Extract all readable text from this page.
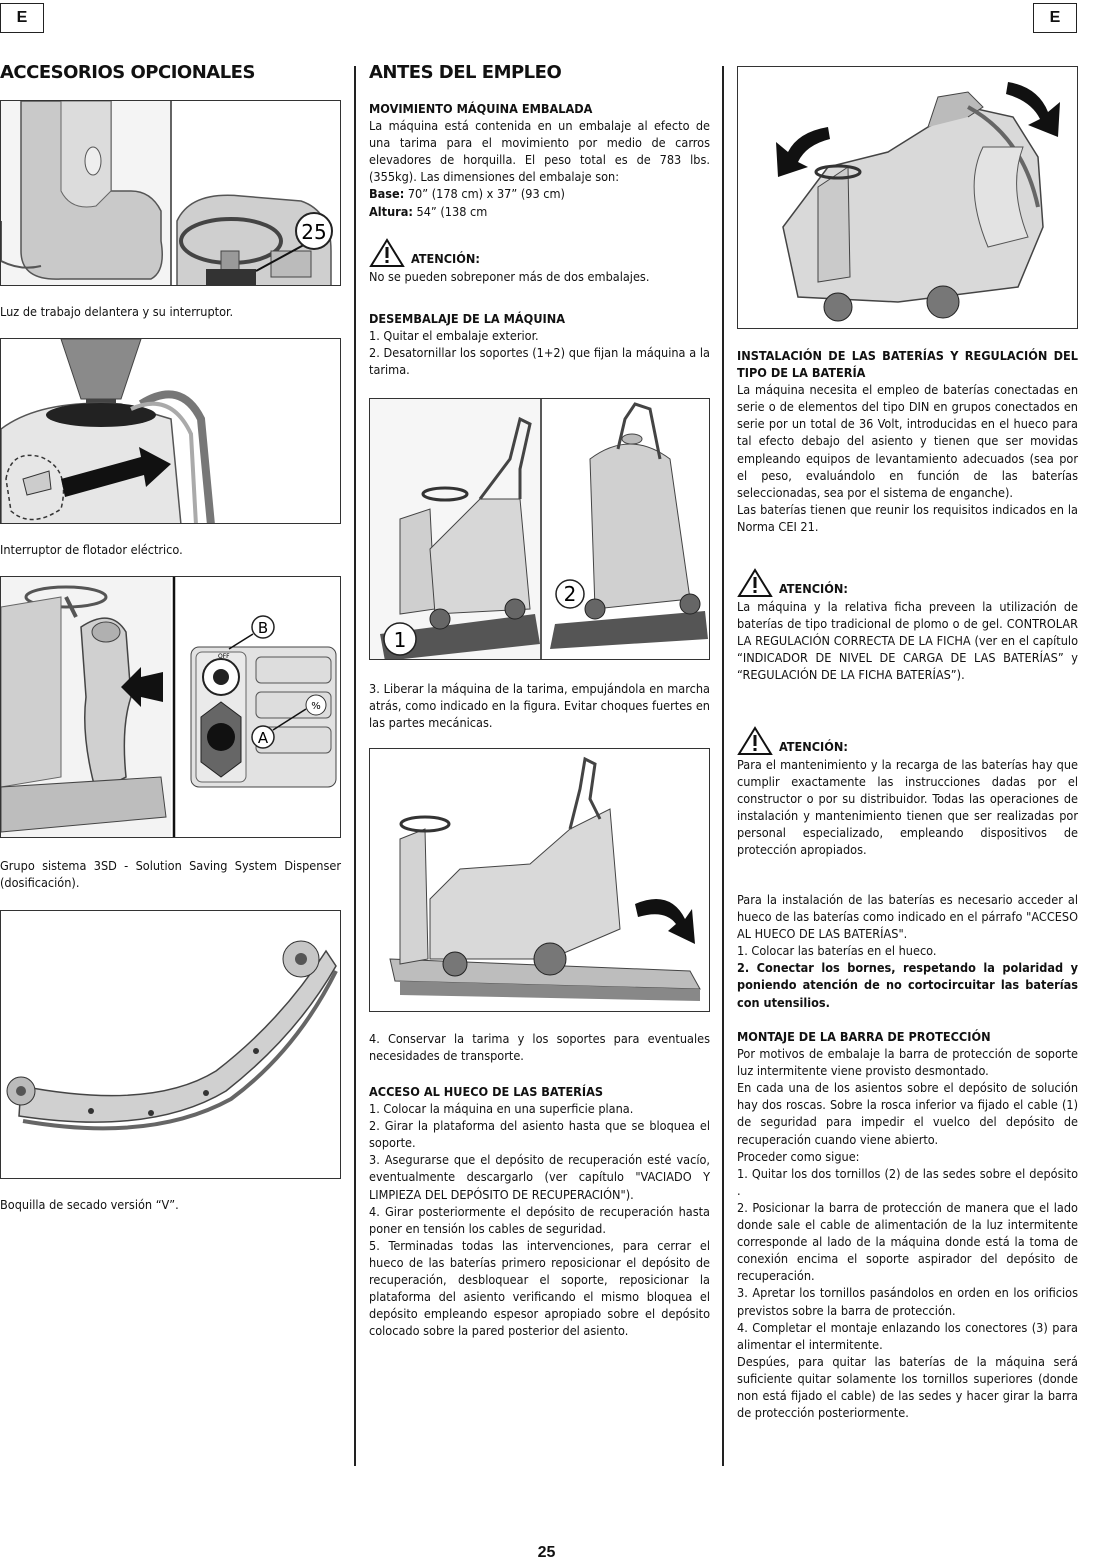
E	E
ACCESORIOS OPCIONALES
25

Luz de trabajo delantera y su interruptor.

Interruptor de flotador eléctrico.

OFF
%
B
A

Grupo sistema 3SD - Solution Saving System Dispenser (dosificación).

Boquilla de secado versión “V”.

ANTES DEL EMPLEO

MOVIMIENTO MÁQUINA EMBALADA

La máquina está contenida en un embalaje al efecto de una tarima para el movimiento por medio de carros elevadores de horquilla. El peso total es de 783 lbs. (355kg). Las dimensiones del embalaje son:

Base: 70” (178 cm) x 37” (93 cm)

Altura: 54” (138 cm

ATENCIÓN:

No se pueden sobreponer más de dos embalajes.

DESEMBALAJE DE LA MÁQUINA

1. Quitar el embalaje exterior.

2. Desatornillar los soportes (1+2) que fijan la máquina a la tarima.

1
2

3. Liberar la máquina de la tarima, empujándola en marcha atrás, como indicado en la figura. Evitar choques fuertes en las partes mecánicas.

4. Conservar la tarima y los soportes para eventuales necesidades de transporte.

ACCESO AL HUECO DE LAS BATERÍAS

1. Colocar la máquina en una superficie plana.

2. Girar la plataforma del asiento hasta que se bloquea el soporte.

3. Asegurarse que el depósito de recuperación esté vacío, eventualmente descargarlo (ver capítulo "VACIADO Y LIMPIEZA DEL DEPÓSITO DE RECUPERACIÓN").

4. Girar posteriormente el depósito de recuperación hasta poner en tensión los cables de seguridad.

5. Terminadas todas las intervenciones, para cerrar el hueco de las baterías primero reposicionar el depósito de recuperación, desbloquear el soporte, reposicionar la plataforma del asiento verificando el mismo bloquea el depósito empleando espesor apropiado sobre el depósito colocado sobre la pared posterior del asiento.

INSTALACIÓN DE LAS BATERÍAS Y REGULACIÓN DEL TIPO DE LA BATERÍA

La máquina necesita el empleo de baterías conectadas en serie o de elementos del tipo DIN en grupos conectados en serie por un total de 36 Volt, introducidas en el hueco para tal efecto debajo del asiento y tienen que ser movidas empleando equipos de levantamiento adecuados (sea por el peso, evaluándolo en función de las baterías seleccionadas, sea por el sistema de enganche).

Las baterías tienen que reunir los requisitos indicados en la Norma CEI 21.

ATENCIÓN:

La máquina y la relativa ficha preveen la utilización de baterías de tipo tradicional de plomo o de gel. CONTROLAR LA REGULACIÓN CORRECTA DE LA FICHA (ver en el capítulo “INDICADOR DE NIVEL DE CARGA DE LAS BATERÍAS” y “REGULACIÓN DE LA FICHA BATERÍAS”).

ATENCIÓN:

Para el mantenimiento y la recarga de las baterías hay que cumplir exactamente las instrucciones dadas por el constructor o por su distribuidor. Todas las operaciones de instalación y mantenimiento tienen que ser realizadas por personal especializado, empleando dispositivos de protección apropiados.

Para la instalación de las baterías es necesario acceder al hueco de las baterías como indicado en el párrafo "ACCESO AL HUECO DE LAS BATERÍAS".

1. Colocar las baterías en el hueco.

2. Conectar los bornes, respetando la polaridad y poniendo atención de no cortocircuitar las baterías con utensilios.

MONTAJE DE LA BARRA DE PROTECCIÓN

Por motivos de embalaje la barra de protección de soporte luz intermitente viene provisto desmontado.

En cada una de los asientos sobre el depósito de solución hay dos roscas. Sobre la rosca inferior va fijado el cable (1) de seguridad para impedir el vuelco del depósito de recuperación cuando viene abierto.

Proceder como sigue:

1. Quitar los dos tornillos (2) de las sedes sobre el depósito .

2. Posicionar la barra de protección de manera que el lado donde sale el cable de alimentación de la luz intermitente corresponde al lado de la máquina donde está la toma de conexión encima el soporte aspirador del depósito de recuperación.

3. Apretar los tornillos pasándolos en orden en los orificios previstos sobre la barra de protección.

4. Completar el montaje enlazando los conectores (3) para alimentar el intermitente.

Despúes, para quitar las baterías de la máquina será suficiente quitar solamente los tornillos superiores (donde non está fijado el cable) de las sedes y hacer girar la barra de protección posteriormente.

25
